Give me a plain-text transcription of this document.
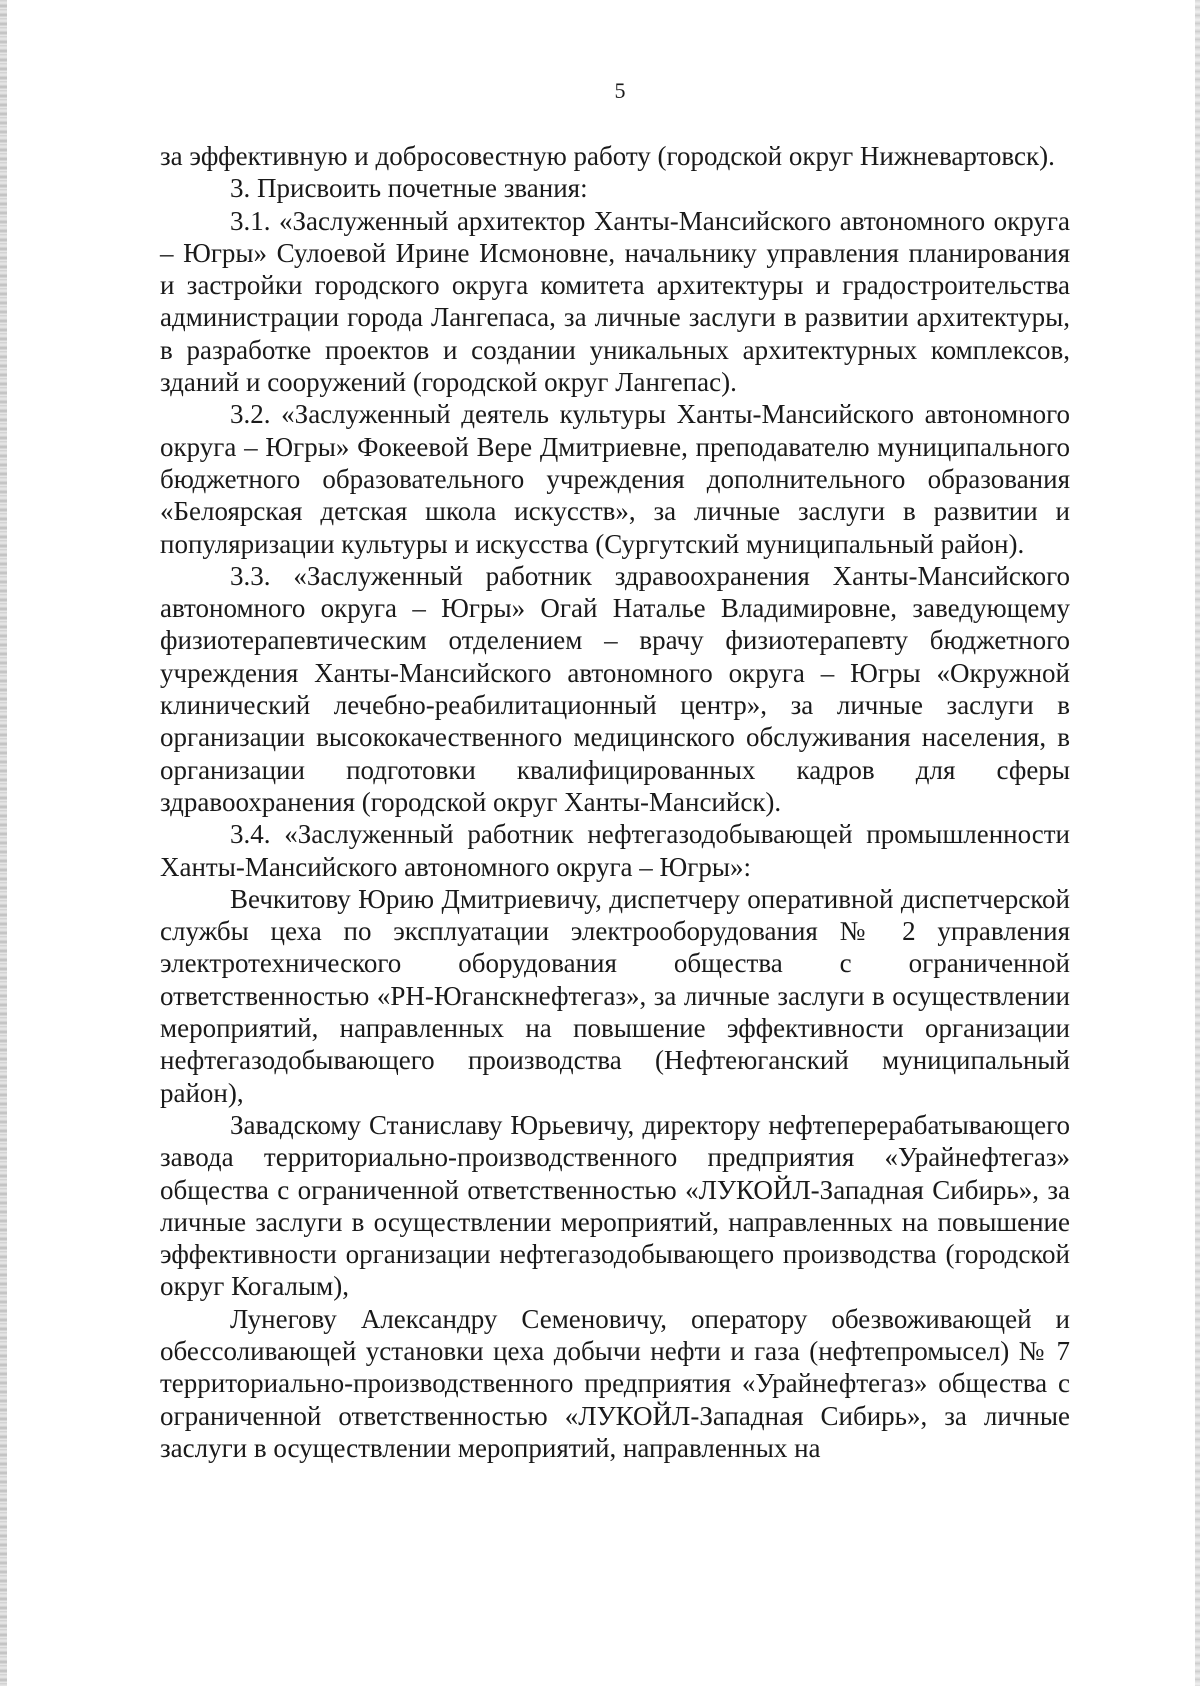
5

за эффективную и добросовестную работу (городской округ Нижневартовск).

3. Присвоить почетные звания:

3.1. «Заслуженный архитектор Ханты-Мансийского автономного округа – Югры» Сулоевой Ирине Исмоновне, начальнику управления планирования и застройки городского округа комитета архитектуры и градостроительства администрации города Лангепаса, за личные заслуги в развитии архитектуры, в разработке проектов и создании уникальных архитектурных комплексов, зданий и сооружений (городской округ Лангепас).

3.2. «Заслуженный деятель культуры Ханты-Мансийского автономного округа – Югры» Фокеевой Вере Дмитриевне, преподавателю муниципального бюджетного образовательного учреждения дополнительного образования «Белоярская детская школа искусств», за личные заслуги в развитии и популяризации культуры и искусства (Сургутский муниципальный район).

3.3. «Заслуженный работник здравоохранения Ханты-Мансийского автономного округа – Югры» Огай Наталье Владимировне, заведующему физиотерапевтическим отделением – врачу физиотерапевту бюджетного учреждения Ханты-Мансийского автономного округа – Югры «Окружной клинический лечебно-реабилитационный центр», за личные заслуги в организации высококачественного медицинского обслуживания населения, в организации подготовки квалифицированных кадров для сферы здравоохранения (городской округ Ханты-Мансийск).

3.4. «Заслуженный работник нефтегазодобывающей промышленности Ханты-Мансийского автономного округа – Югры»:

Вечкитову Юрию Дмитриевичу, диспетчеру оперативной диспетчерской службы цеха по эксплуатации электрооборудования № 2 управления электротехнического оборудования общества с ограниченной ответственностью «РН-Юганскнефтегаз», за личные заслуги в осуществлении мероприятий, направленных на повышение эффективности организации нефтегазодобывающего производства (Нефтеюганский муниципальный район),

Завадскому Станиславу Юрьевичу, директору нефтеперерабатывающего завода территориально-производственного предприятия «Урайнефтегаз» общества с ограниченной ответственностью «ЛУКОЙЛ-Западная Сибирь», за личные заслуги в осуществлении мероприятий, направленных на повышение эффективности организации нефтегазодобывающего производства (городской округ Когалым),

Лунегову Александру Семеновичу, оператору обезвоживающей и обессоливающей установки цеха добычи нефти и газа (нефтепромысел) № 7 территориально-производственного предприятия «Урайнефтегаз» общества с ограниченной ответственностью «ЛУКОЙЛ-Западная Сибирь», за личные заслуги в осуществлении мероприятий, направленных на
